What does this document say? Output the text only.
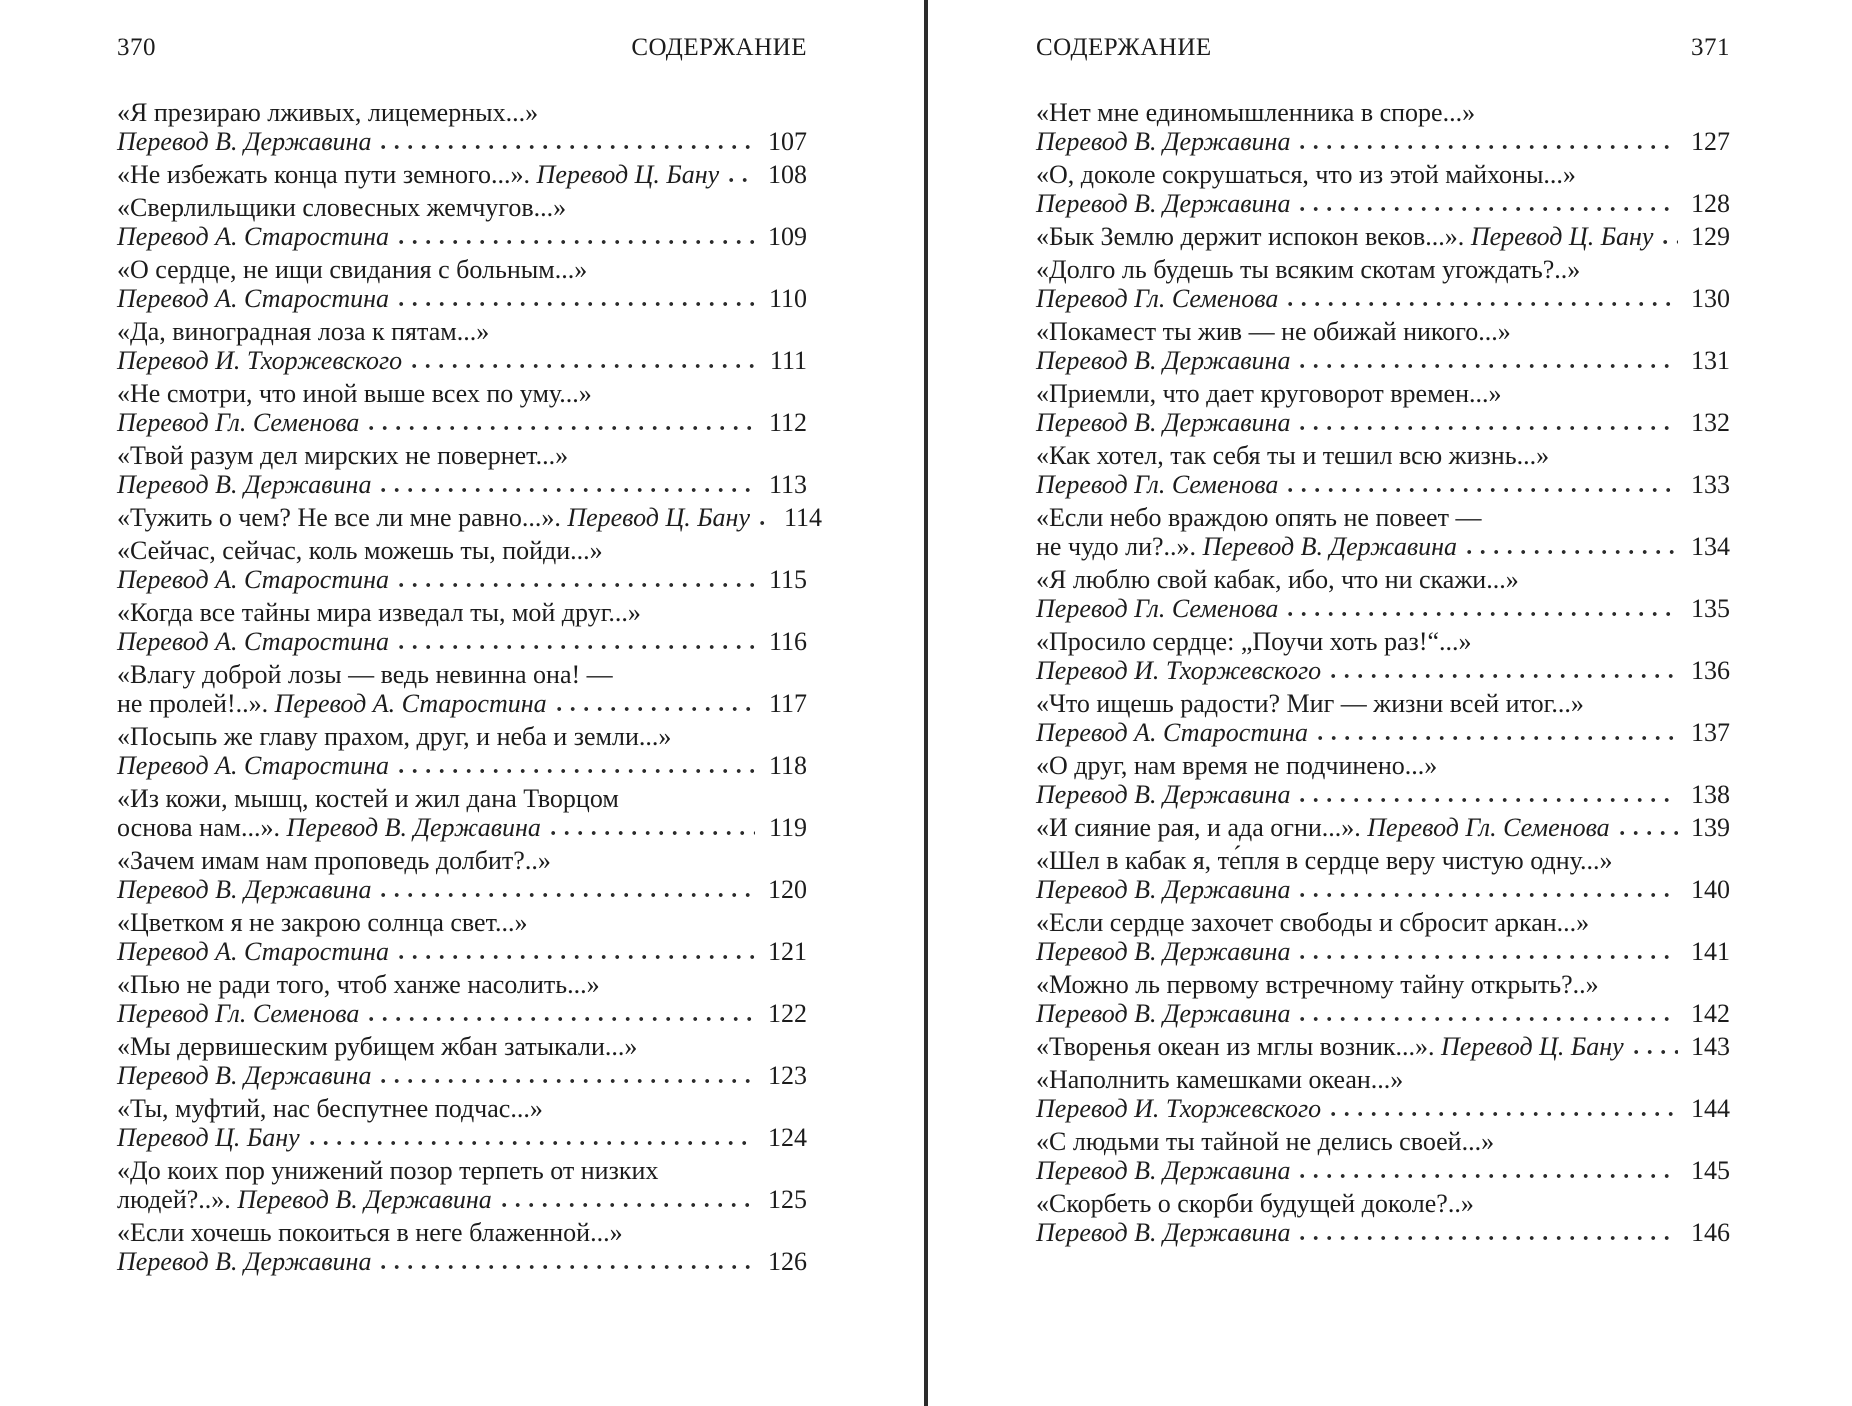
370	СОДЕРЖАНИЕ
«Я презираю лживых, лицемерных...»
Перевод В. Державина	107
«Не избежать конца пути земного...». Перевод Ц. Бану 108
«Сверлильщики словесных жемчугов...»
Перевод А. Старостина	109
«О сердце, не ищи свидания с больным...»
Перевод А. Старостина	110
«Да, виноградная лоза к пятам...»
Перевод И. Тхоржевского	111
«Не смотри, что иной выше всех по уму...»
Перевод Гл. Семенова	112
«Твой разум дел мирских не повернет...»
Перевод В. Державина	113
«Тужить о чем? Не все ли мне равно...». Перевод Ц. Бану	114
«Сейчас, сейчас, коль можешь ты, пойди...»
Перевод А. Старостина	115
«Когда все тайны мира изведал ты, мой друг...»
Перевод А. Старостина	116
«Влагу доброй лозы — ведь невинна она! —
не пролей!..». Перевод А. Старостина	117
«Посыпь же главу прахом, друг, и неба и земли...»
Перевод А. Старостина	118
«Из кожи, мышц, костей и жил дана Творцом
основа нам...». Перевод В. Державина	119
«Зачем имам нам проповедь долбит?..»
Перевод В. Державина	120
«Цветком я не закрою солнца свет...»
Перевод А. Старостина	121
«Пью не ради того, чтоб ханже насолить...»
Перевод Гл. Семенова	122
«Мы дервишеским рубищем жбан затыкали...»
Перевод В. Державина	123
«Ты, муфтий, нас беспутнее подчас...»
Перевод Ц. Бану	124
«До коих пор унижений позор терпеть от низких
людей?..». Перевод В. Державина	125
«Если хочешь покоиться в неге блаженной...»
Перевод В. Державина	126
СОДЕРЖАНИЕ	371
«Нет мне единомышленника в споре...»
Перевод В. Державина	127
«О, доколе сокрушаться, что из этой майхоны...»
Перевод В. Державина	128
«Бык Землю держит испокон веков...». Перевод Ц. Бану 129
«Долго ль будешь ты всяким скотам угождать?..»
Перевод Гл. Семенова	130
«Покамест ты жив — не обижай никого...»
Перевод В. Державина	131
«Приемли, что дает круговорот времен...»
Перевод В. Державина	132
«Как хотел, так себя ты и тешил всю жизнь...»
Перевод Гл. Семенова	133
«Если небо враждою опять не повеет —
не чудо ли?..». Перевод В. Державина	134
«Я люблю свой кабак, ибо, что ни скажи...»
Перевод Гл. Семенова	135
«Просило сердце: „Поучи хоть раз!“...»
Перевод И. Тхоржевского	136
«Что ищешь радости? Миг — жизни всей итог...»
Перевод А. Старостина	137
«О друг, нам время не подчинено...»
Перевод В. Державина	138
«И сияние рая, и ада огни...». Перевод Гл. Семенова	139
«Шел в кабак я, те́пля в сердце веру чистую одну...»
Перевод В. Державина	140
«Если сердце захочет свободы и сбросит аркан...»
Перевод В. Державина	141
«Можно ль первому встречному тайну открыть?..»
Перевод В. Державина	142
«Творенья океан из мглы возник...». Перевод Ц. Бану	143
«Наполнить камешками океан...»
Перевод И. Тхоржевского	144
«С людьми ты тайной не делись своей...»
Перевод В. Державина	145
«Скорбеть о скорби будущей доколе?..»
Перевод В. Державина	146
